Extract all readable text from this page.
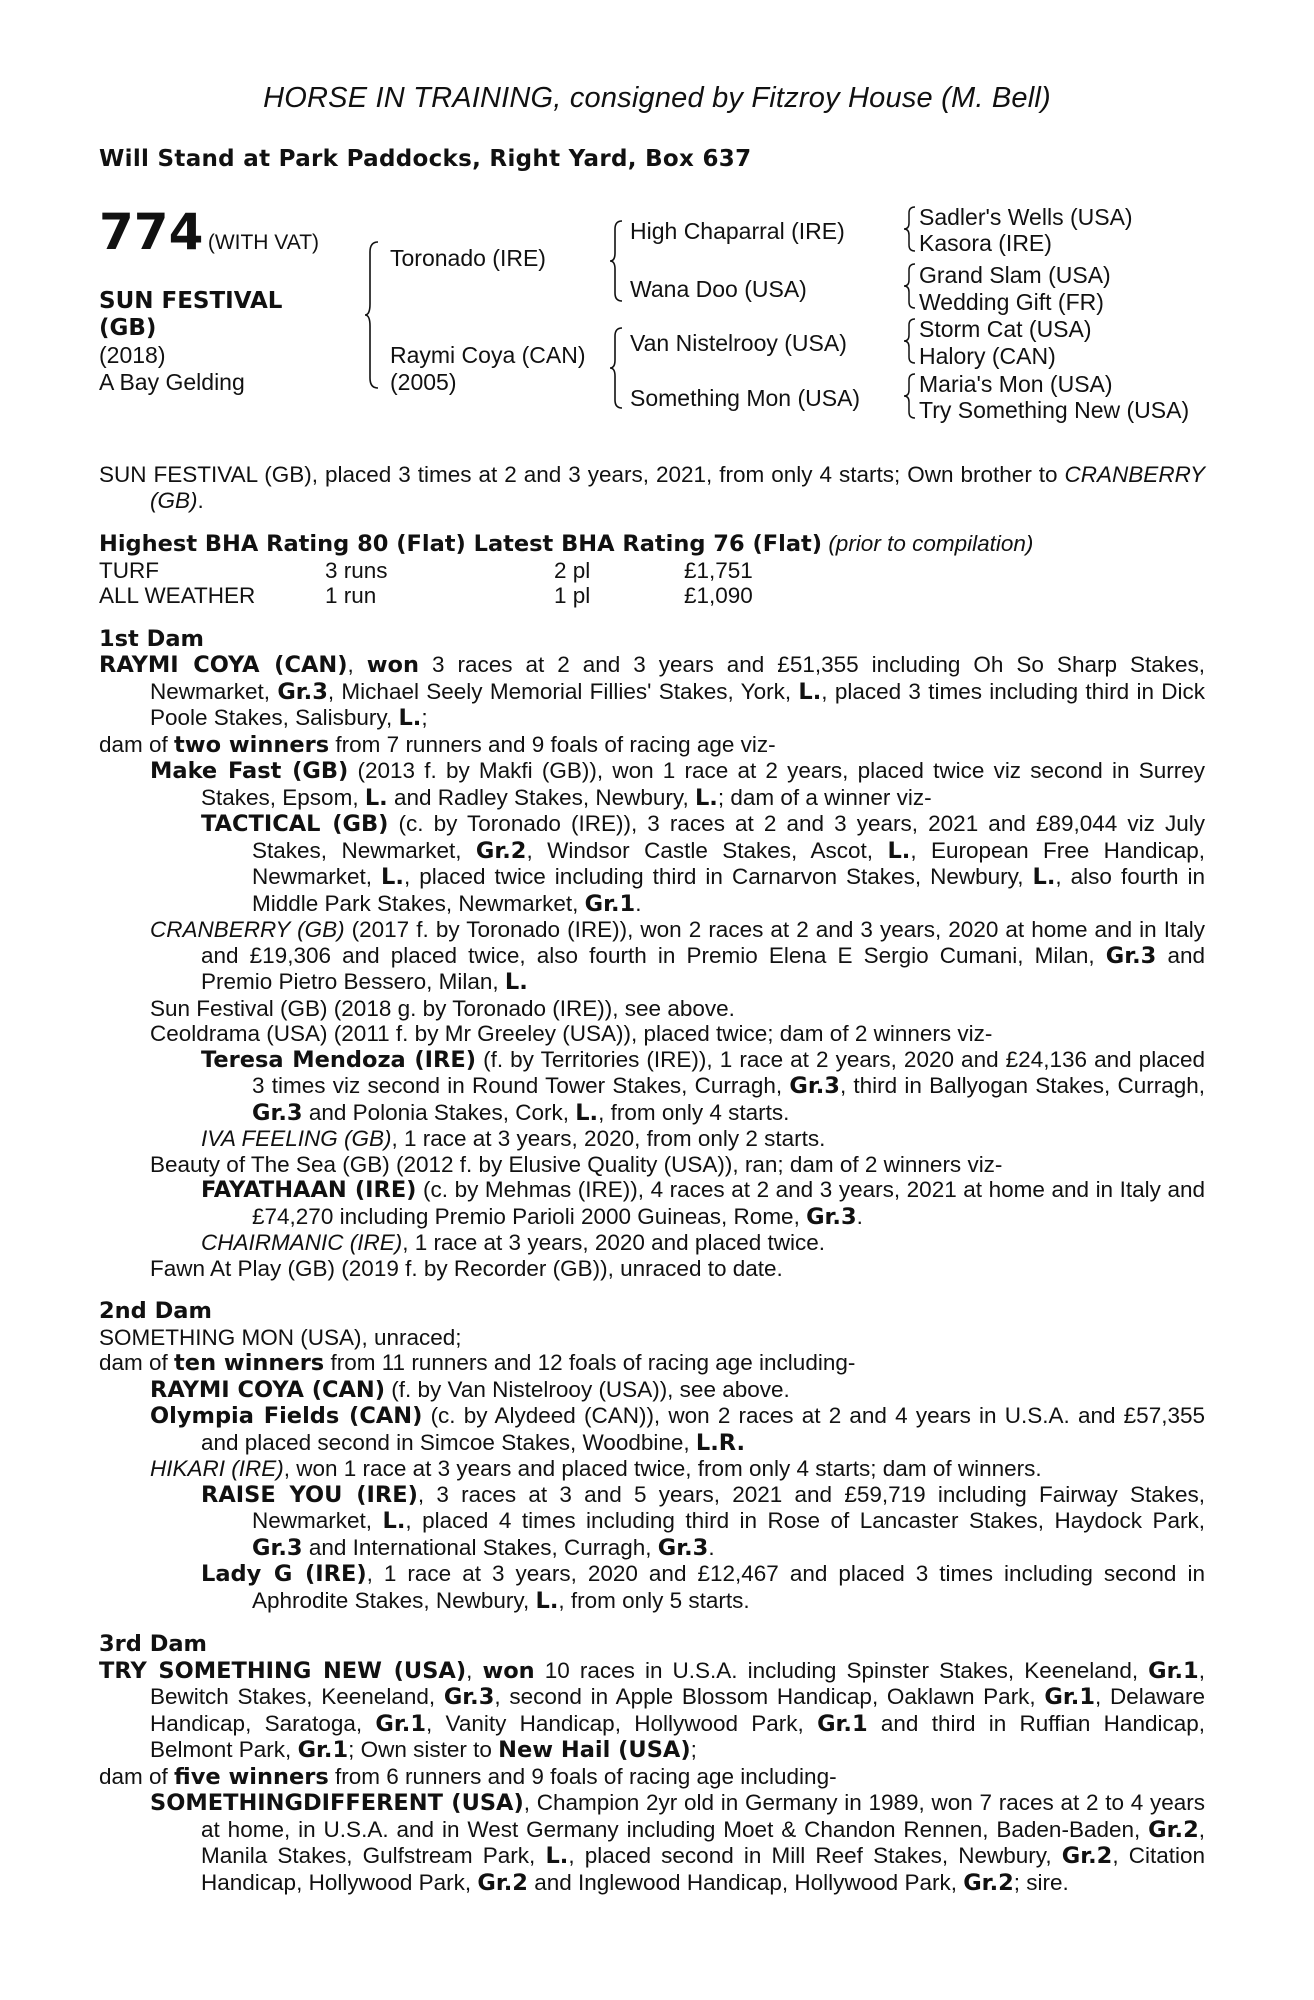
HORSE IN TRAINING, consigned by Fitzroy House (M. Bell)
Will Stand at Park Paddocks, Right Yard, Box 637
774 (WITH VAT)
SUN FESTIVAL
(GB)
(2018)
A Bay Gelding
Toronado (IRE)
Raymi Coya (CAN)
(2005)
High Chaparral (IRE)
Wana Doo (USA)
Van Nistelrooy (USA)
Something Mon (USA)
Sadler's Wells (USA)
Kasora (IRE)
Grand Slam (USA)
Wedding Gift (FR)
Storm Cat (USA)
Halory (CAN)
Maria's Mon (USA)
Try Something New (USA)

SUN FESTIVAL (GB), placed 3 times at 2 and 3 years, 2021, from only 4 starts; Own brother to CRANBERRY (GB).

Highest BHA Rating 80 (Flat) Latest BHA Rating 76 (Flat) (prior to compilation)

TURF	3 runs	2 pl	£1,751
ALL WEATHER	1 run	1 pl	£1,090

1st Dam

RAYMI COYA (CAN), won 3 races at 2 and 3 years and £51,355 including Oh So Sharp Stakes, Newmarket, Gr.3, Michael Seely Memorial Fillies' Stakes, York, L., placed 3 times including third in Dick Poole Stakes, Salisbury, L.;

dam of two winners from 7 runners and 9 foals of racing age viz-

Make Fast (GB) (2013 f. by Makfi (GB)), won 1 race at 2 years, placed twice viz second in Surrey Stakes, Epsom, L. and Radley Stakes, Newbury, L.; dam of a winner viz-

TACTICAL (GB) (c. by Toronado (IRE)), 3 races at 2 and 3 years, 2021 and £89,044 viz July Stakes, Newmarket, Gr.2, Windsor Castle Stakes, Ascot, L., European Free Handicap, Newmarket, L., placed twice including third in Carnarvon Stakes, Newbury, L., also fourth in Middle Park Stakes, Newmarket, Gr.1.

CRANBERRY (GB) (2017 f. by Toronado (IRE)), won 2 races at 2 and 3 years, 2020 at home and in Italy and £19,306 and placed twice, also fourth in Premio Elena E Sergio Cumani, Milan, Gr.3 and Premio Pietro Bessero, Milan, L.

Sun Festival (GB) (2018 g. by Toronado (IRE)), see above.

Ceoldrama (USA) (2011 f. by Mr Greeley (USA)), placed twice; dam of 2 winners viz-

Teresa Mendoza (IRE) (f. by Territories (IRE)), 1 race at 2 years, 2020 and £24,136 and placed 3 times viz second in Round Tower Stakes, Curragh, Gr.3, third in Ballyogan Stakes, Curragh, Gr.3 and Polonia Stakes, Cork, L., from only 4 starts.

IVA FEELING (GB), 1 race at 3 years, 2020, from only 2 starts.

Beauty of The Sea (GB) (2012 f. by Elusive Quality (USA)), ran; dam of 2 winners viz-

FAYATHAAN (IRE) (c. by Mehmas (IRE)), 4 races at 2 and 3 years, 2021 at home and in Italy and £74,270 including Premio Parioli 2000 Guineas, Rome, Gr.3.

CHAIRMANIC (IRE), 1 race at 3 years, 2020 and placed twice.

Fawn At Play (GB) (2019 f. by Recorder (GB)), unraced to date.

2nd Dam

SOMETHING MON (USA), unraced;

dam of ten winners from 11 runners and 12 foals of racing age including-

RAYMI COYA (CAN) (f. by Van Nistelrooy (USA)), see above.

Olympia Fields (CAN) (c. by Alydeed (CAN)), won 2 races at 2 and 4 years in U.S.A. and £57,355 and placed second in Simcoe Stakes, Woodbine, L.R.

HIKARI (IRE), won 1 race at 3 years and placed twice, from only 4 starts; dam of winners.

RAISE YOU (IRE), 3 races at 3 and 5 years, 2021 and £59,719 including Fairway Stakes, Newmarket, L., placed 4 times including third in Rose of Lancaster Stakes, Haydock Park, Gr.3 and International Stakes, Curragh, Gr.3.

Lady G (IRE), 1 race at 3 years, 2020 and £12,467 and placed 3 times including second in Aphrodite Stakes, Newbury, L., from only 5 starts.

3rd Dam

TRY SOMETHING NEW (USA), won 10 races in U.S.A. including Spinster Stakes, Keeneland, Gr.1, Bewitch Stakes, Keeneland, Gr.3, second in Apple Blossom Handicap, Oaklawn Park, Gr.1, Delaware Handicap, Saratoga, Gr.1, Vanity Handicap, Hollywood Park, Gr.1 and third in Ruffian Handicap, Belmont Park, Gr.1; Own sister to New Hail (USA);

dam of five winners from 6 runners and 9 foals of racing age including-

SOMETHINGDIFFERENT (USA), Champion 2yr old in Germany in 1989, won 7 races at 2 to 4 years at home, in U.S.A. and in West Germany including Moet & Chandon Rennen, Baden-Baden, Gr.2, Manila Stakes, Gulfstream Park, L., placed second in Mill Reef Stakes, Newbury, Gr.2, Citation Handicap, Hollywood Park, Gr.2 and Inglewood Handicap, Hollywood Park, Gr.2; sire.
